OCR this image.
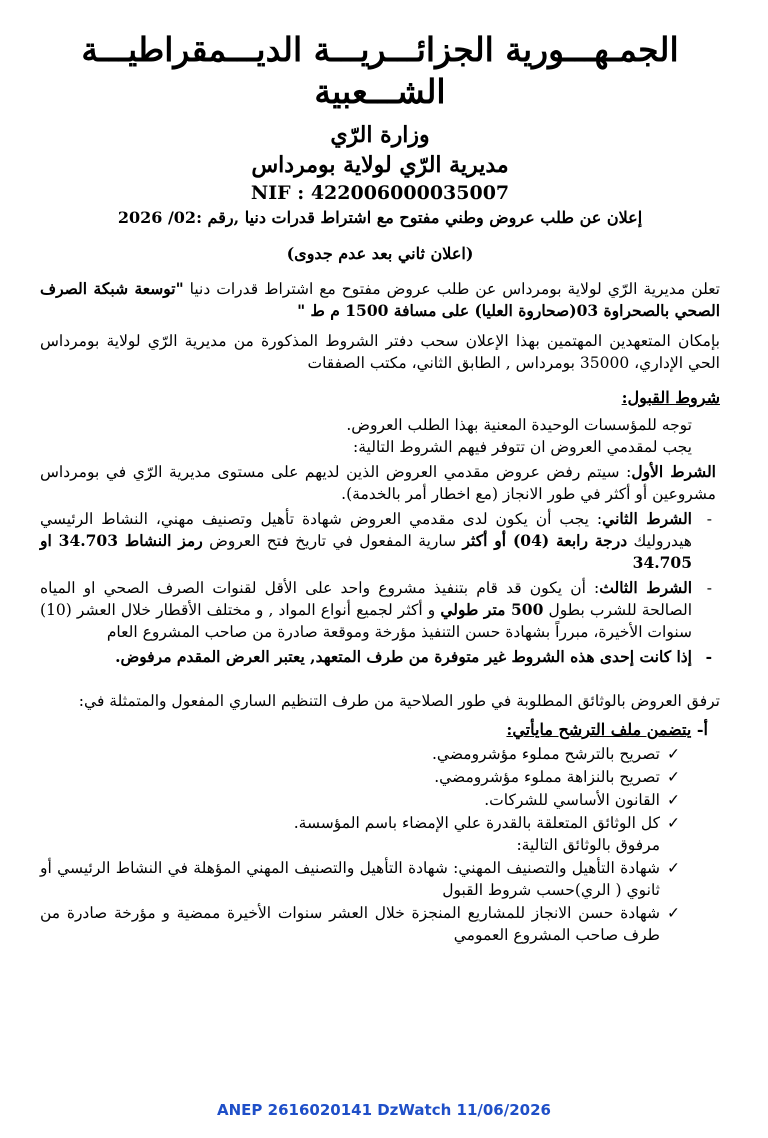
الجمـهـــورية الجزائـــريـــة الديـــمقراطيـــة

الشـــعبية

وزارة الرّي

مديرية الرّي لولاية بومرداس

NIF : 422006000035007

إعلان عن طلب عروض وطني مفتوح مع اشتراط قدرات دنيا ,رقم :02/ 2026

(اعلان ثاني بعد عدم جدوى)

تعلن مديرية الرّي لولاية بومرداس عن طلب عروض مفتوح مع اشتراط قدرات دنيا "توسعة شبكة الصرف الصحي بالصحراوة 03(صحاروة العليا) على مسافة 1500 م ط "

بإمكان المتعهدين المهتمين بهذا الإعلان سحب دفتر الشروط المذكورة من مديرية الرّي لولاية بومرداس الحي الإداري، 35000 بومرداس , الطابق الثاني، مكتب الصفقات

شروط القبول:

توجه للمؤسسات الوحيدة المعنية بهذا الطلب العروض.

يجب لمقدمي العروض ان تتوفر فيهم الشروط التالية:

الشرط الأول: سيتم رفض عروض مقدمي العروض الذين لديهم على مستوى مديرية الرّي في بومرداس مشروعين أو أكثر في طور الانجاز (مع اخطار أمر بالخدمة).

-
الشرط الثاني: يجب أن يكون لدى مقدمي العروض شهادة تأهيل وتصنيف مهني، النشاط الرئيسي هيدروليك درجة رابعة (04) أو أكثر سارية المفعول في تاريخ فتح العروض رمز النشاط 34.703 او 34.705

-
الشرط الثالث: أن يكون قد قام بتنفيذ مشروع واحد على الأقل لقنوات الصرف الصحي او المياه الصالحة للشرب بطول 500 متر طولي و أكثر لجميع أنواع المواد , و مختلف الأقطار خلال العشر (10) سنوات الأخيرة، مبرراً بشهادة حسن التنفيذ مؤرخة وموقعة صادرة من صاحب المشروع العام

-
إذا كانت إحدى هذه الشروط غير متوفرة من طرف المتعهد, يعتبر العرض المقدم مرفوض.

ترفق العروض بالوثائق المطلوبة في طور الصلاحية من طرف التنظيم الساري المفعول والمتمثلة في:

أ- يتضمن ملف الترشح مايأتي:

✓
تصريح بالترشح مملوء مؤشرومضي.

✓
تصريح بالنزاهة مملوء مؤشرومضي.

✓
القانون الأساسي للشركات.

✓
كل الوثائق المتعلقة بالقدرة علي الإمضاء باسم المؤسسة.

مرفوق بالوثائق التالية:

✓
شهادة التأهيل والتصنيف المهني: شهادة التأهيل والتصنيف المهني المؤهلة في النشاط الرئيسي أو ثانوي ( الري)حسب شروط القبول

✓
شهادة حسن الانجاز للمشاريع المنجزة خلال العشر سنوات الأخيرة ممضية و مؤرخة صادرة من طرف صاحب المشروع العمومي

ANEP 2616020141 DzWatch 11/06/2026
